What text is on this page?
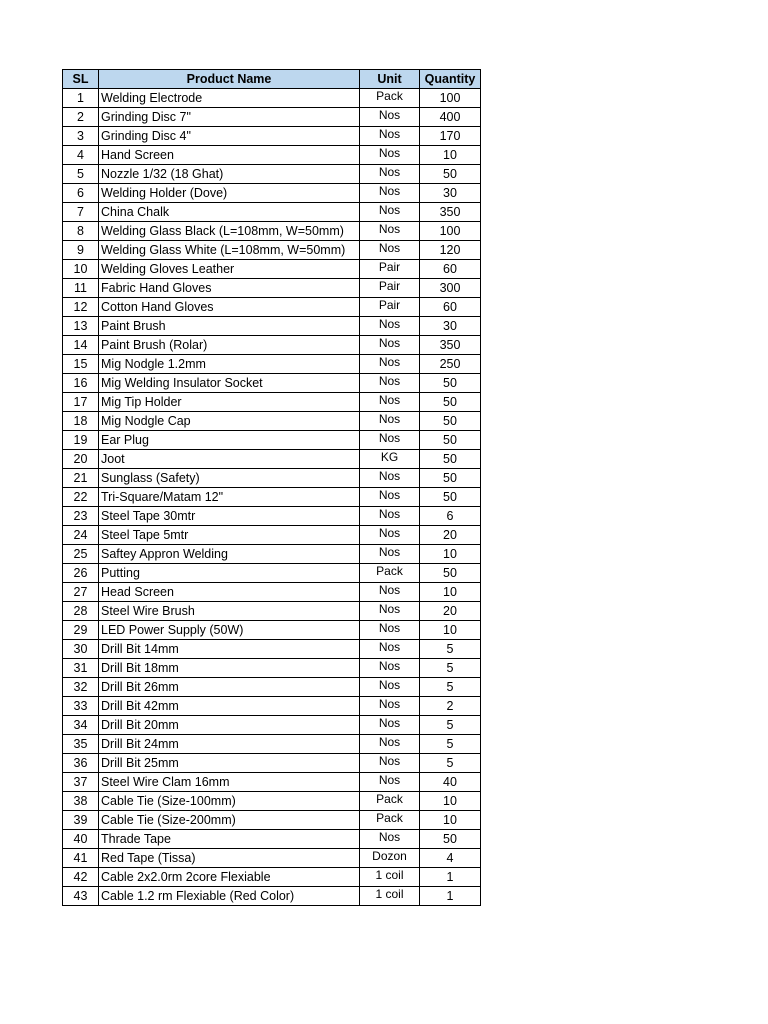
SL	Product Name	Unit	Quantity
1	Welding Electrode	Pack	100
2	Grinding Disc 7"	Nos	400
3	Grinding Disc 4"	Nos	170
4	Hand Screen	Nos	10
5	Nozzle 1/32 (18 Ghat)	Nos	50
6	Welding Holder (Dove)	Nos	30
7	China Chalk	Nos	350
8	Welding Glass Black (L=108mm, W=50mm)	Nos	100
9	Welding Glass White (L=108mm, W=50mm)	Nos	120
10	Welding Gloves Leather	Pair	60
11	Fabric Hand Gloves	Pair	300
12	Cotton Hand Gloves	Pair	60
13	Paint Brush	Nos	30
14	Paint Brush (Rolar)	Nos	350
15	Mig Nodgle 1.2mm	Nos	250
16	Mig Welding Insulator Socket	Nos	50
17	Mig Tip Holder	Nos	50
18	Mig Nodgle Cap	Nos	50
19	Ear Plug	Nos	50
20	Joot	KG	50
21	Sunglass (Safety)	Nos	50
22	Tri-Square/Matam 12"	Nos	50
23	Steel Tape 30mtr	Nos	6
24	Steel Tape 5mtr	Nos	20
25	Saftey Appron Welding	Nos	10
26	Putting	Pack	50
27	Head Screen	Nos	10
28	Steel Wire Brush	Nos	20
29	LED Power Supply (50W)	Nos	10
30	Drill Bit 14mm	Nos	5
31	Drill Bit 18mm	Nos	5
32	Drill Bit 26mm	Nos	5
33	Drill Bit 42mm	Nos	2
34	Drill Bit 20mm	Nos	5
35	Drill Bit 24mm	Nos	5
36	Drill Bit 25mm	Nos	5
37	Steel Wire Clam 16mm	Nos	40
38	Cable Tie (Size-100mm)	Pack	10
39	Cable Tie (Size-200mm)	Pack	10
40	Thrade Tape	Nos	50
41	Red Tape (Tissa)	Dozon	4
42	Cable 2x2.0rm 2core Flexiable	1 coil	1
43	Cable 1.2 rm Flexiable (Red Color)	1 coil	1
